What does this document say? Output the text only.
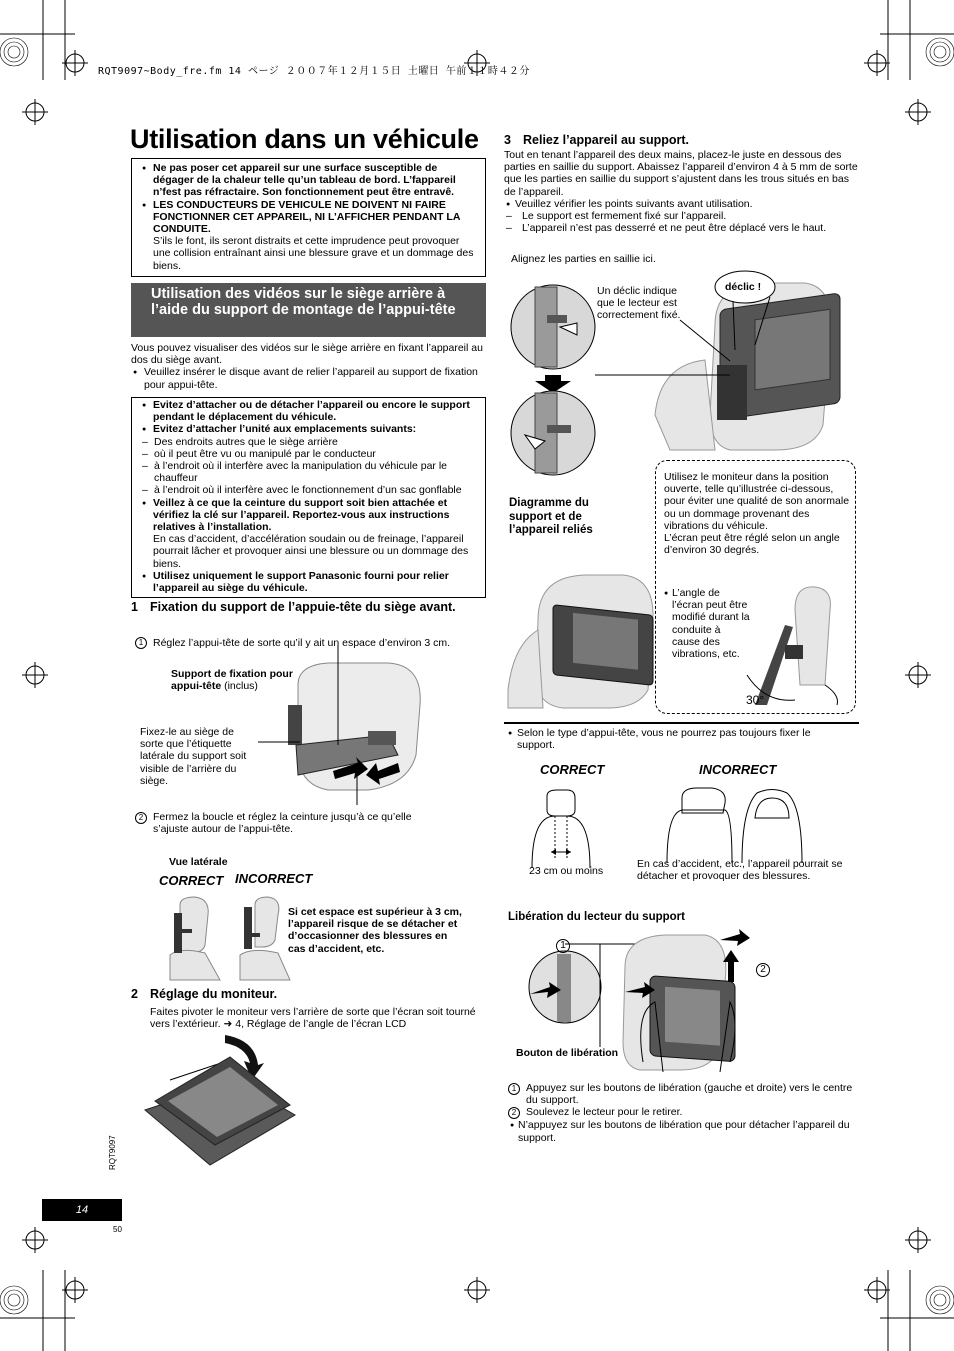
RQT9097~Body_fre.fm 14 ページ ２００７年１２月１５日 土曜日 午前１１時４２分
Utilisation dans un véhicule
● Ne pas poser cet appareil sur une surface susceptible de dégager de la chaleur telle qu’un tableau de bord. L’fappareil n’fest pas réfractaire. Son fonctionnement peut être entravê.
● LES CONDUCTEURS DE VEHICULE NE DOIVENT NI FAIRE FONCTIONNER CET APPAREIL, NI L’AFFICHER PENDANT LA CONDUITE.
S’ils le font, ils seront distraits et cette imprudence peut provoquer une collision entraînant ainsi une blessure grave et un dommage des biens.
Utilisation des vidéos sur le siège arrière à l’aide du support de montage de l’appui-tête
Vous pouvez visualiser des vidéos sur le siège arrière en fixant l’appareil au dos du siège avant.
● Veuillez insérer le disque avant de relier l’appareil au support de fixation pour appui-tête.
● Evitez d’attacher ou de détacher l’appareil ou encore le support pendant le déplacement du véhicule.
● Evitez d’attacher l’unité aux emplacements suivants:
– Des endroits autres que le siège arrière
– où il peut être vu ou manipulé par le conducteur
– à l’endroit où il interfère avec la manipulation du véhicule par le chauffeur
– à l’endroit où il interfère avec le fonctionnement d’un sac gonflable
● Veillez à ce que la ceinture du support soit bien attachée et vérifiez la clé sur l’appareil. Reportez-vous aux instructions relatives à l’installation.
En cas d’accident, d’accélération soudain ou de freinage, l’appareil pourrait lâcher et provoquer ainsi une blessure ou un dommage des biens.
● Utilisez uniquement le support Panasonic fourni pour relier l’appareil au siège du véhicule.
1 Fixation du support de l’appuie-tête du siège avant.
1 Réglez l’appui-tête de sorte qu’il y ait un espace d’environ 3 cm.
Support de fixation pour appui-tête (inclus)
Fixez-le au siège de sorte que l’étiquette latérale du support soit visible de l’arrière du siège.
2 Fermez la boucle et réglez la ceinture jusqu’à ce qu’elle s’ajuste autour de l’appui-tête.
Vue latérale
CORRECT INCORRECT
Si cet espace est supérieur à 3 cm, l’appareil risque de se détacher et d’occasionner des blessures en cas d’accident, etc.
2 Réglage du moniteur.
Faites pivoter le moniteur vers l’arrière de sorte que l’écran soit tourné vers l’extérieur. ➜ 4, Réglage de l’angle de l’écran LCD
RQT9097
14
50
3 Reliez l’appareil au support.
Tout en tenant l’appareil des deux mains, placez-le juste en dessous des parties en saillie du support. Abaissez l’appareil d’environ 4 à 5 mm de sorte que les parties en saillie du support s’ajustent dans les trous situés en bas de l’appareil.
● Veuillez vérifier les points suivants avant utilisation.
– Le support est fermement fixé sur l’appareil.
– L’appareil n’est pas desserré et ne peut être déplacé vers le haut.
Alignez les parties en saillie ici.
Un déclic indique que le lecteur est correctement fixé.
déclic !
Diagramme du support et de l’appareil reliés
Utilisez le moniteur dans la position ouverte, telle qu’illustrée ci-dessous, pour éviter une qualité de son anormale ou un dommage provenant des vibrations du véhicule.
L’écran peut être réglé selon un angle d’environ 30 degrés.
● L’angle de l’écran peut être modifié durant la conduite à cause des vibrations, etc.
30°
● Selon le type d’appui-tête, vous ne pourrez pas toujours fixer le support.
CORRECT	INCORRECT
23 cm ou moins
En cas d’accident, etc., l’appareil pourrait se détacher et provoquer des blessures.
Libération du lecteur du support
1
2
Bouton de libération
1 Appuyez sur les boutons de libération (gauche et droite) vers le centre du support.
2 Soulevez le lecteur pour le retirer.
● N’appuyez sur les boutons de libération que pour détacher l’appareil du support.
